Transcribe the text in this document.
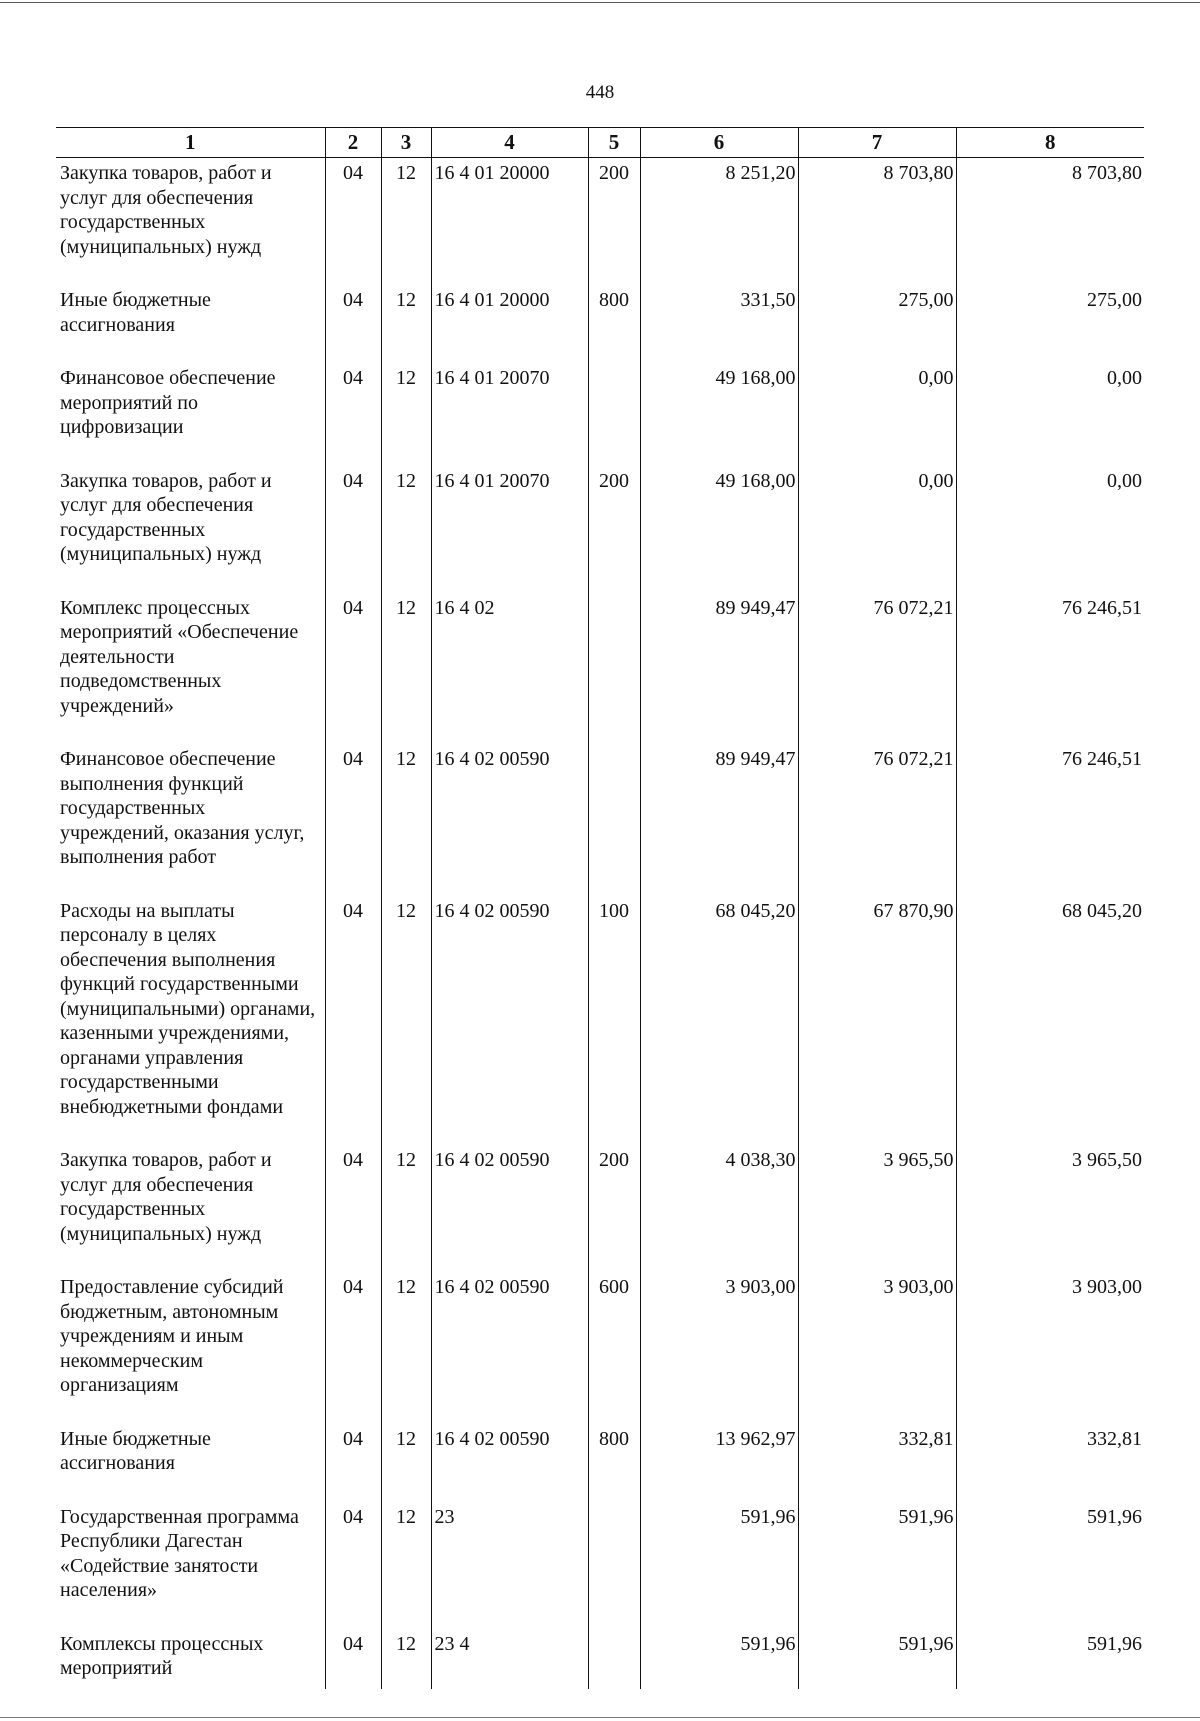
448
1	2	3	4	5	6	7	8
Закупка товаров, работ и услуг для обеспечения государственных (муниципальных) нужд	04	12	16 4 01 20000	200	8 251,20	8 703,80	8 703,80
Иные бюджетные ассигнования	04	12	16 4 01 20000	800	331,50	275,00	275,00
Финансовое обеспечение мероприятий по цифровизации	04	12	16 4 01 20070		49 168,00	0,00	0,00
Закупка товаров, работ и услуг для обеспечения государственных (муниципальных) нужд	04	12	16 4 01 20070	200	49 168,00	0,00	0,00
Комплекс процессных мероприятий «Обеспечение деятельности подведомственных учреждений»	04	12	16 4 02		89 949,47	76 072,21	76 246,51
Финансовое обеспечение выполнения функций государственных учреждений, оказания услуг, выполнения работ	04	12	16 4 02 00590		89 949,47	76 072,21	76 246,51
Расходы на выплаты персоналу в целях обеспечения выполнения функций государственными (муниципальными) органами, казенными учреждениями, органами управления государственными внебюджетными фондами	04	12	16 4 02 00590	100	68 045,20	67 870,90	68 045,20
Закупка товаров, работ и услуг для обеспечения государственных (муниципальных) нужд	04	12	16 4 02 00590	200	4 038,30	3 965,50	3 965,50
Предоставление субсидий бюджетным, автономным учреждениям и иным некоммерческим организациям	04	12	16 4 02 00590	600	3 903,00	3 903,00	3 903,00
Иные бюджетные ассигнования	04	12	16 4 02 00590	800	13 962,97	332,81	332,81
Государственная программа Республики Дагестан «Содействие занятости населения»	04	12	23		591,96	591,96	591,96
Комплексы процессных мероприятий	04	12	23 4		591,96	591,96	591,96
